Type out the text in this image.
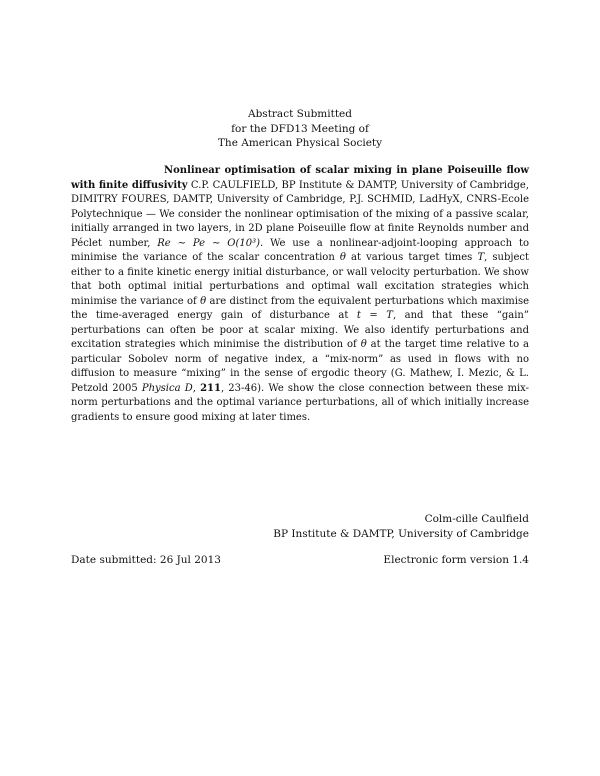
Abstract Submitted
for the DFD13 Meeting of
The American Physical Society
Nonlinear optimisation of scalar mixing in plane Poiseuille flow with finite diffusivity C.P. CAULFIELD, BP Institute & DAMTP, University of Cambridge, DIMITRY FOURES, DAMTP, University of Cambridge, P.J. SCHMID, LadHyX, CNRS-Ecole Polytechnique — We consider the nonlinear optimisation of the mixing of a passive scalar, initially arranged in two layers, in 2D plane Poiseuille flow at finite Reynolds number and Péclet number, Re ∼ Pe ∼ O(10³). We use a nonlinear-adjoint-looping approach to minimise the variance of the scalar concentration θ at various target times T, subject either to a finite kinetic energy initial disturbance, or wall velocity perturbation. We show that both optimal initial perturbations and optimal wall excitation strategies which minimise the variance of θ are distinct from the equivalent perturbations which maximise the time-averaged energy gain of disturbance at t = T, and that these “gain” perturbations can often be poor at scalar mixing. We also identify perturbations and excitation strategies which minimise the distribution of θ at the target time relative to a particular Sobolev norm of negative index, a “mix-norm” as used in flows with no diffusion to measure “mixing” in the sense of ergodic theory (G. Mathew, I. Mezic, & L. Petzold 2005 Physica D, 211, 23-46). We show the close connection between these mix-norm perturbations and the optimal variance perturbations, all of which initially increase gradients to ensure good mixing at later times.
Colm-cille Caulfield
BP Institute & DAMTP, University of Cambridge
Date submitted: 26 Jul 2013	Electronic form version 1.4
